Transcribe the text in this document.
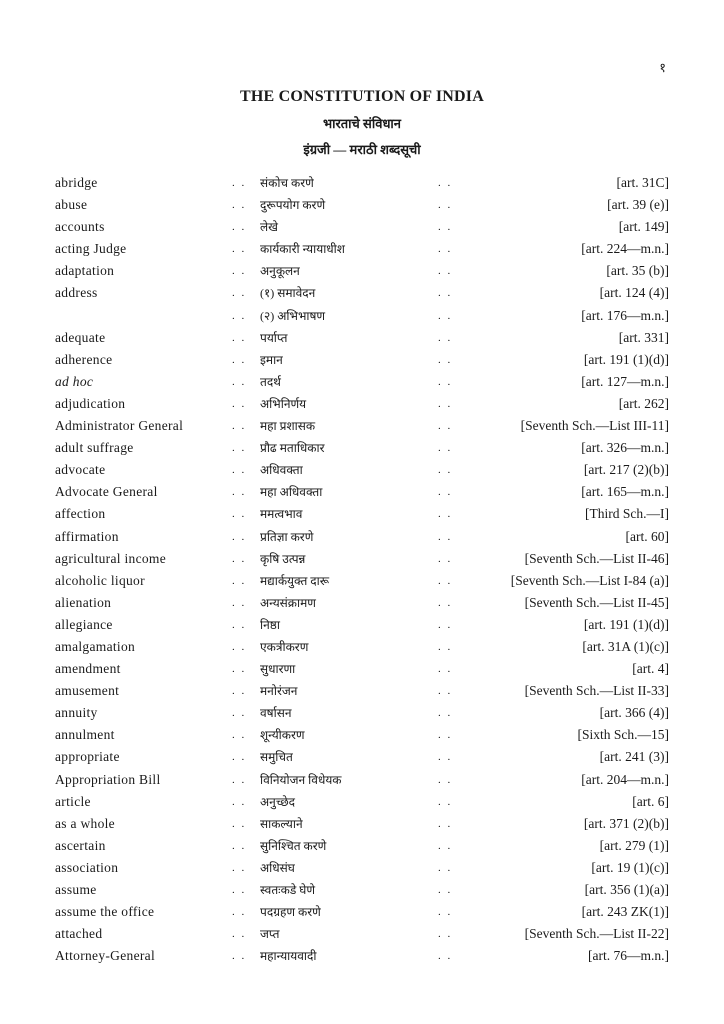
१
THE CONSTITUTION OF INDIA
भारताचे संविधान
इंग्रजी — मराठी शब्दसूची
abridge	. . संकोच करणे	. .	[art. 31C]
abuse	. . दुरूपयोग करणे	. .	[art. 39 (e)]
accounts	. . लेखे	. .	[art. 149]
acting Judge	. . कार्यकारी न्यायाधीश	. .	[art. 224—m.n.]
adaptation	. . अनुकूलन	. .	[art. 35 (b)]
address	. . (१) समावेदन	. .	[art. 124 (4)]
. . (२) अभिभाषण	. .	[art. 176—m.n.]
adequate	. . पर्याप्त	. .	[art. 331]
adherence	. . इमान	. .	[art. 191 (1)(d)]
ad hoc	. . तदर्थ	. .	[art. 127—m.n.]
adjudication	. . अभिनिर्णय	. .	[art. 262]
Administrator General	. . महा प्रशासक	. .	[Seventh Sch.—List III-11]
adult suffrage	. . प्रौढ मताधिकार	. .	[art. 326—m.n.]
advocate	. . अधिवक्ता	. .	[art. 217 (2)(b)]
Advocate General	. . महा अधिवक्ता	. .	[art. 165—m.n.]
affection	. . ममत्वभाव	. .	[Third Sch.—I]
affirmation	. . प्रतिज्ञा करणे	. .	[art. 60]
agricultural income	. . कृषि उत्पन्न	. .	[Seventh Sch.—List II-46]
alcoholic liquor	. . मद्यार्कयुक्त दारू	. .	[Seventh Sch.—List I-84 (a)]
alienation	. . अन्यसंक्रामण	. .	[Seventh Sch.—List II-45]
allegiance	. . निष्ठा	. .	[art. 191 (1)(d)]
amalgamation	. . एकत्रीकरण	. .	[art. 31A (1)(c)]
amendment	. . सुधारणा	. .	[art. 4]
amusement	. . मनोरंजन	. .	[Seventh Sch.—List II-33]
annuity	. . वर्षासन	. .	[art. 366 (4)]
annulment	. . शून्यीकरण	. .	[Sixth Sch.—15]
appropriate	. . समुचित	. .	[art. 241 (3)]
Appropriation Bill	. . विनियोजन विधेयक	. .	[art. 204—m.n.]
article	. . अनुच्छेद	. .	[art. 6]
as a whole	. . साकल्याने	. .	[art. 371 (2)(b)]
ascertain	. . सुनिश्चित करणे	. .	[art. 279 (1)]
association	. . अधिसंघ	. .	[art. 19 (1)(c)]
assume	. . स्वतःकडे घेणे	. .	[art. 356 (1)(a)]
assume the office	. . पदग्रहण करणे	. .	[art. 243 ZK(1)]
attached	. . जप्त	. .	[Seventh Sch.—List II-22]
Attorney-General	. . महान्यायवादी	. .	[art. 76—m.n.]
